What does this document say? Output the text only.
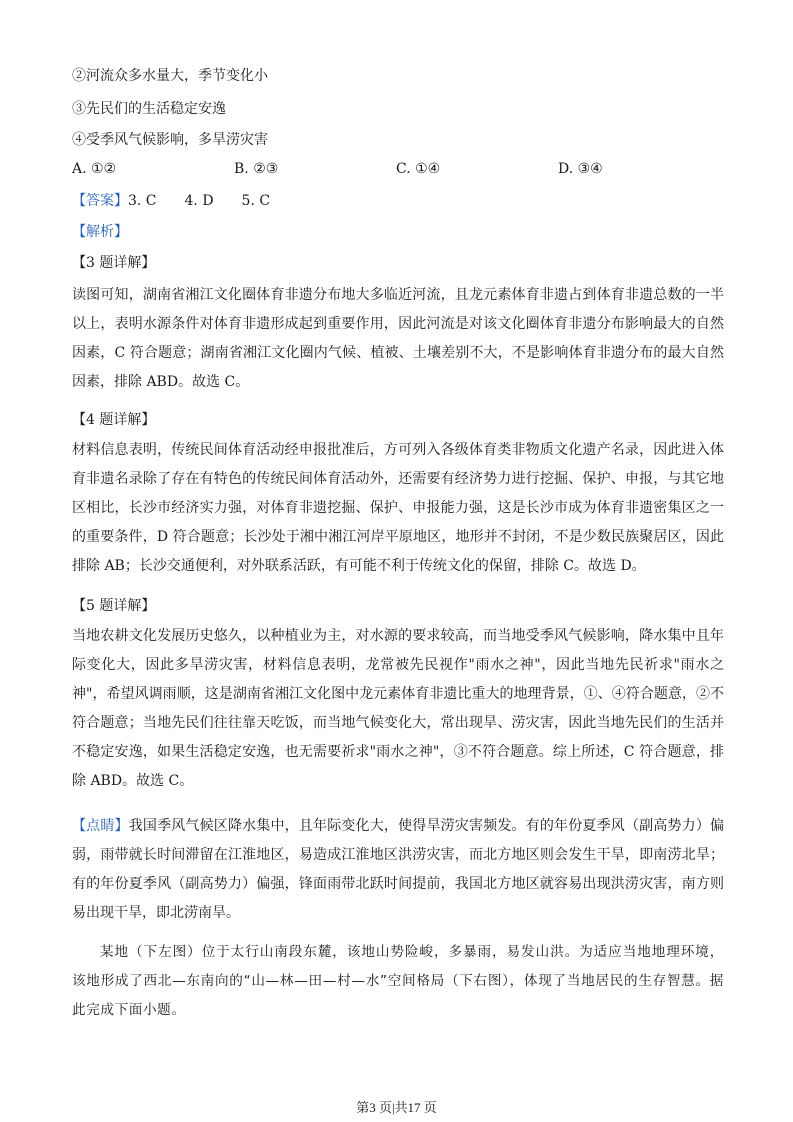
②河流众多水量大，季节变化小
③先民们的生活稳定安逸
④受季风气候影响，多旱涝灾害
A. ①②	B. ②③	C. ①④	D. ③④
【答案】3. C　　4. D　　5. C
【解析】
【3 题详解】

读图可知，湖南省湘江文化圈体育非遗分布地大多临近河流，且龙元素体育非遗占到体育非遗总数的一半以上，表明水源条件对体育非遗形成起到重要作用，因此河流是对该文化圈体育非遗分布影响最大的自然因素，C 符合题意；湖南省湘江文化圈内气候、植被、土壤差别不大，不是影响体育非遗分布的最大自然因素，排除 ABD。故选 C。

【4 题详解】

材料信息表明，传统民间体育活动经申报批准后，方可列入各级体育类非物质文化遗产名录，因此进入体育非遗名录除了存在有特色的传统民间体育活动外，还需要有经济势力进行挖掘、保护、申报，与其它地区相比，长沙市经济实力强，对体育非遗挖掘、保护、申报能力强，这是长沙市成为体育非遗密集区之一的重要条件，D 符合题意；长沙处于湘中湘江河岸平原地区，地形并不封闭，不是少数民族聚居区，因此排除 AB；长沙交通便利，对外联系活跃，有可能不利于传统文化的保留，排除 C。故选 D。

【5 题详解】

当地农耕文化发展历史悠久，以种植业为主，对水源的要求较高，而当地受季风气候影响，降水集中且年际变化大，因此多旱涝灾害，材料信息表明，龙常被先民视作"雨水之神"，因此当地先民祈求"雨水之神"，希望风调雨顺，这是湖南省湘江文化图中龙元素体育非遗比重大的地理背景，①、④符合题意，②不符合题意；当地先民们往往靠天吃饭，而当地气候变化大，常出现旱、涝灾害，因此当地先民们的生活并不稳定安逸，如果生活稳定安逸，也无需要祈求"雨水之神"，③不符合题意。综上所述，C 符合题意，排除 ABD。故选 C。

【点睛】我国季风气候区降水集中，且年际变化大，使得旱涝灾害频发。有的年份夏季风（副高势力）偏弱，雨带就长时间滞留在江淮地区，易造成江淮地区洪涝灾害，而北方地区则会发生干旱，即南涝北旱；有的年份夏季风（副高势力）偏强，锋面雨带北跃时间提前，我国北方地区就容易出现洪涝灾害，南方则易出现干旱，即北涝南旱。

某地（下左图）位于太行山南段东麓，该地山势险峻，多暴雨，易发山洪。为适应当地地理环境，该地形成了西北—东南向的“山—林—田—村—水”空间格局（下右图），体现了当地居民的生存智慧。据此完成下面小题。

第3 页|共17 页
